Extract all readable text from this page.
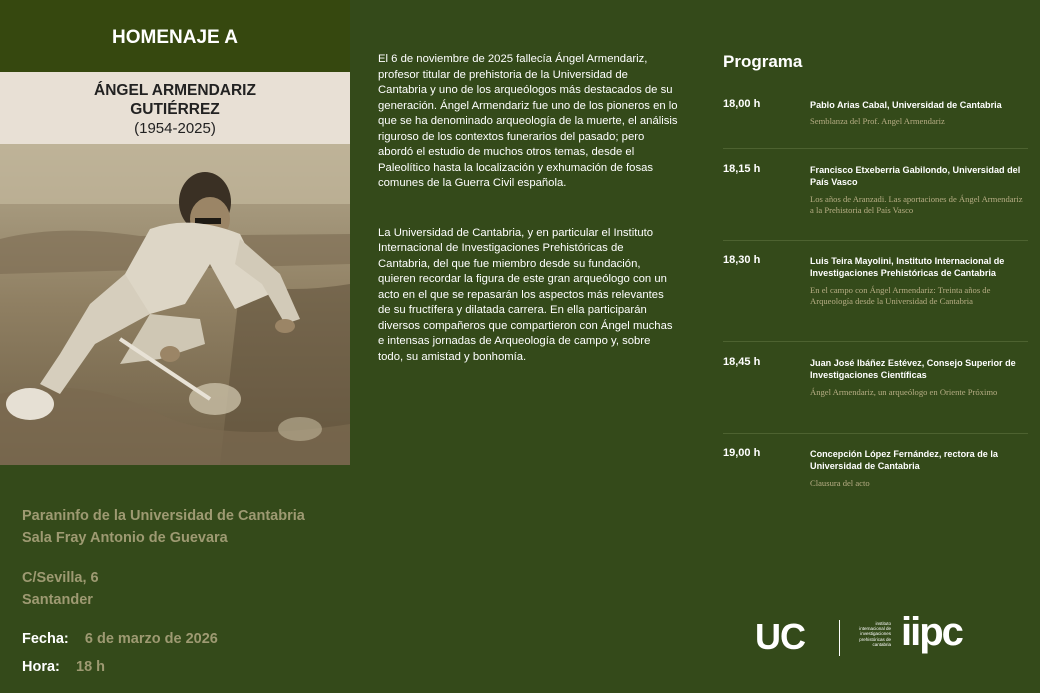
HOMENAJE A
ÁNGEL ARMENDARIZ
GUTIÉRREZ
(1954-2025)
Paraninfo de la Universidad de Cantabria
Sala Fray Antonio de Guevara
C/Sevilla, 6
Santander
Fecha: 6 de marzo de 2026
Hora: 18 h

El 6 de noviembre de 2025 fallecía Ángel Armendariz, profesor titular de prehistoria de la Universidad de Cantabria y uno de los arqueólogos más destacados de su generación. Ángel Armendariz fue uno de los pioneros en lo que se ha denominado arqueología de la muerte, el análisis riguroso de los contextos funerarios del pasado; pero abordó el estudio de muchos otros temas, desde el Paleolítico hasta la localización y exhumación de fosas comunes de la Guerra Civil española.

La Universidad de Cantabria, y en particular el Instituto Internacional de Investigaciones Prehistóricas de Cantabria, del que fue miembro desde su fundación, quieren recordar la figura de este gran arqueólogo con un acto en el que se repasarán los aspectos más relevantes de su fructífera y dilatada carrera. En ella participarán diversos compañeros que compartieron con Ángel muchas e intensas jornadas de Arqueología de campo y, sobre todo, su amistad y bonhomía.

Programa
18,00 h	Pablo Arias Cabal, Universidad de Cantabria
Semblanza del Prof. Angel Armendariz
18,15 h	Francisco Etxeberria Gabilondo, Universidad del País Vasco
Los años de Aranzadi. Las aportaciones de Ángel Armendariz a la Prehistoria del País Vasco
18,30 h	Luis Teira Mayolini, Instituto Internacional de Investigaciones Prehistóricas de Cantabria
En el campo con Ángel Armendariz: Treinta años de Arqueología desde la Universidad de Cantabria
18,45 h	Juan José Ibáñez Estévez, Consejo Superior de Investigaciones Científicas
Ángel Armendariz, un arqueólogo en Oriente Próximo
19,00 h	Concepción López Fernández, rectora de la Universidad de Cantabria
Clausura del acto
UC	instituto
internacional de
investigaciones
prehistóricas de
cantabria iipc
